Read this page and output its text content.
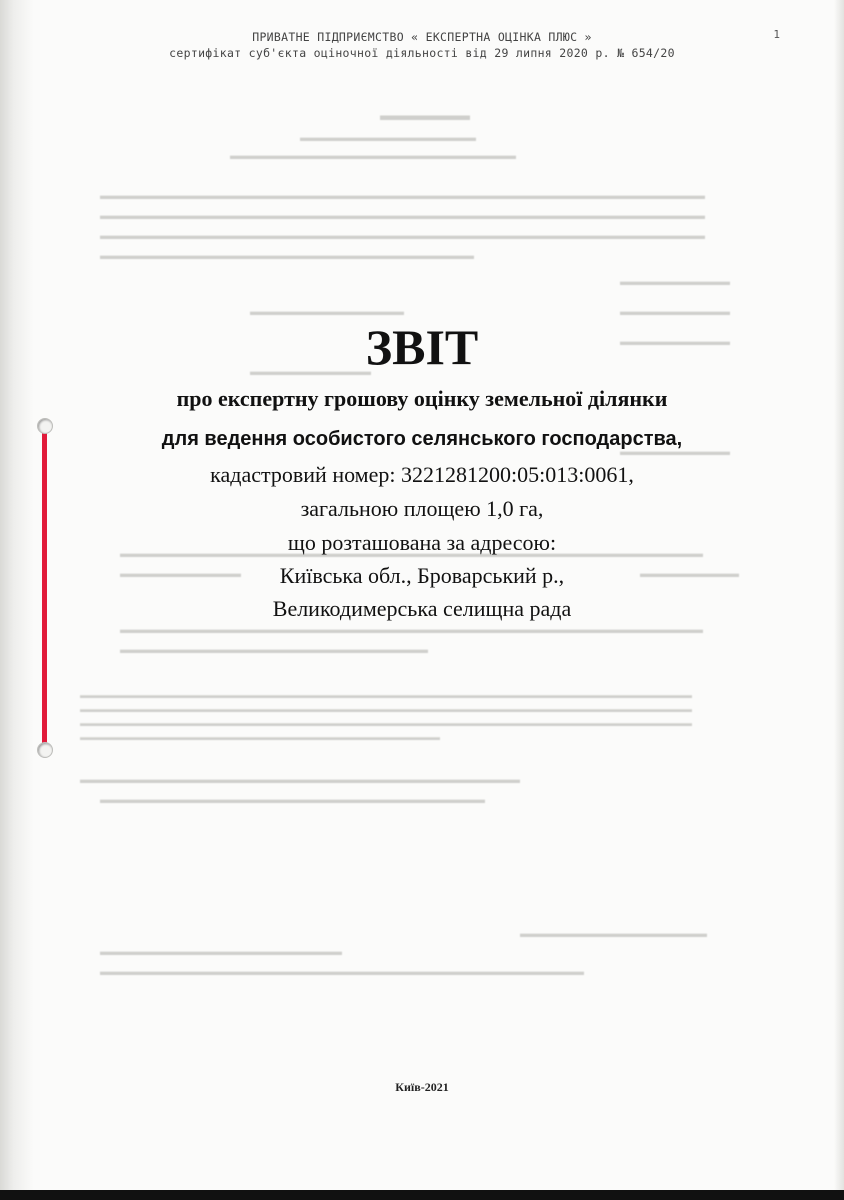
▬▬▬▬▬▬
▬▬▬▬▬▬▬▬▬▬▬▬▬▬▬▬
▬▬▬▬▬▬▬▬▬▬▬▬▬▬▬▬▬▬▬▬▬▬▬▬▬▬
▬▬▬▬▬▬▬▬▬▬▬▬▬▬▬▬▬▬▬▬▬▬▬▬▬▬▬▬▬▬▬▬▬▬▬▬▬▬▬▬▬▬▬▬▬▬▬▬▬▬▬▬▬▬▬
▬▬▬▬▬▬▬▬▬▬▬▬▬▬▬▬▬▬▬▬▬▬▬▬▬▬▬▬▬▬▬▬▬▬▬▬▬▬▬▬▬▬▬▬▬▬▬▬▬▬▬▬▬▬▬
▬▬▬▬▬▬▬▬▬▬▬▬▬▬▬▬▬▬▬▬▬▬▬▬▬▬▬▬▬▬▬▬▬▬▬▬▬▬▬▬▬▬▬▬▬▬▬▬▬▬▬▬▬▬▬
▬▬▬▬▬▬▬▬▬▬▬▬▬▬▬▬▬▬▬▬▬▬▬▬▬▬▬▬▬▬▬▬▬▬
▬▬▬▬▬▬▬▬▬▬
▬▬▬▬▬▬▬▬▬▬▬▬▬▬	▬▬▬▬▬▬▬▬▬▬
▬▬▬▬▬▬▬▬▬▬
▬▬▬▬▬▬▬▬▬▬▬
▬▬▬▬▬▬▬▬▬▬
▬▬▬▬▬▬▬▬▬▬▬▬▬▬▬▬▬▬▬▬▬▬▬▬▬▬▬▬▬▬▬▬▬▬▬▬▬▬▬▬▬▬▬▬▬▬▬▬▬▬▬▬▬
▬▬▬▬▬▬▬▬▬▬▬	▬▬▬▬▬▬▬▬▬
▬▬▬▬▬▬▬▬▬▬▬▬▬▬▬▬▬▬▬▬▬▬▬▬▬▬▬▬▬▬▬▬▬▬▬▬▬▬▬▬▬▬▬▬▬▬▬▬▬▬▬▬▬
▬▬▬▬▬▬▬▬▬▬▬▬▬▬▬▬▬▬▬▬▬▬▬▬▬▬▬▬
▬▬▬▬▬▬▬▬▬▬▬▬▬▬▬▬▬▬▬▬▬▬▬▬▬▬▬▬▬▬▬▬▬▬▬▬▬▬▬▬▬▬▬▬▬▬▬▬▬▬▬▬▬▬▬▬▬▬▬▬▬▬▬▬▬▬▬▬
▬▬▬▬▬▬▬▬▬▬▬▬▬▬▬▬▬▬▬▬▬▬▬▬▬▬▬▬▬▬▬▬▬▬▬▬▬▬▬▬▬▬▬▬▬▬▬▬▬▬▬▬▬▬▬▬▬▬▬▬▬▬▬▬▬▬▬▬
▬▬▬▬▬▬▬▬▬▬▬▬▬▬▬▬▬▬▬▬▬▬▬▬▬▬▬▬▬▬▬▬▬▬▬▬▬▬▬▬▬▬▬▬▬▬▬▬▬▬▬▬▬▬▬▬▬▬▬▬▬▬▬▬▬▬▬▬
▬▬▬▬▬▬▬▬▬▬▬▬▬▬▬▬▬▬▬▬▬▬▬▬▬▬▬▬▬▬▬▬▬▬▬▬▬▬▬▬
▬▬▬▬▬▬▬▬▬▬▬▬▬▬▬▬▬▬▬▬▬▬▬▬▬▬▬▬▬▬▬▬▬▬▬▬▬▬▬▬
▬▬▬▬▬▬▬▬▬▬▬▬▬▬▬▬▬▬▬▬▬▬▬▬▬▬▬▬▬▬▬▬▬▬▬
▬▬▬▬▬▬▬▬▬▬▬▬▬▬▬▬▬
▬▬▬▬▬▬▬▬▬▬▬▬▬▬▬▬▬▬▬▬▬▬
▬▬▬▬▬▬▬▬▬▬▬▬▬▬▬▬▬▬▬▬▬▬▬▬▬▬▬▬▬▬▬▬▬▬▬▬▬▬▬▬▬▬▬▬
ПРИВАТНЕ ПІДПРИЄМСТВО « ЕКСПЕРТНА ОЦІНКА ПЛЮС »
сертифікат суб'єкта оціночної діяльності від 29 липня 2020 р. № 654/20
1
ЗВІТ
про експертну грошову оцінку земельної ділянки
для ведення особистого селянського господарства,
кадастровий номер: 3221281200:05:013:0061,
загальною площею 1,0 га,
що розташована за адресою:
Київська обл., Броварський р.,
Великодимерська селищна рада
Київ-2021
